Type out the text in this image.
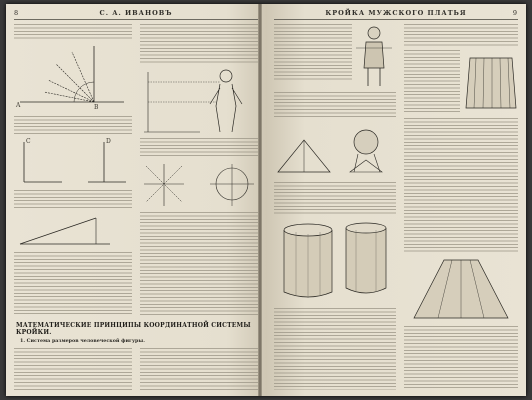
8	С. А. ИВАНОВЪ
A	B
C	D
МАТЕМАТИЧЕСКИЕ ПРИНЦИПЫ КООРДИНАТНОЙ СИСТЕМЫ КРОЙКИ.
1. Система размеров человеческой фигуры.
КРОЙКА МУЖСКОГО ПЛАТЬЯ	9
